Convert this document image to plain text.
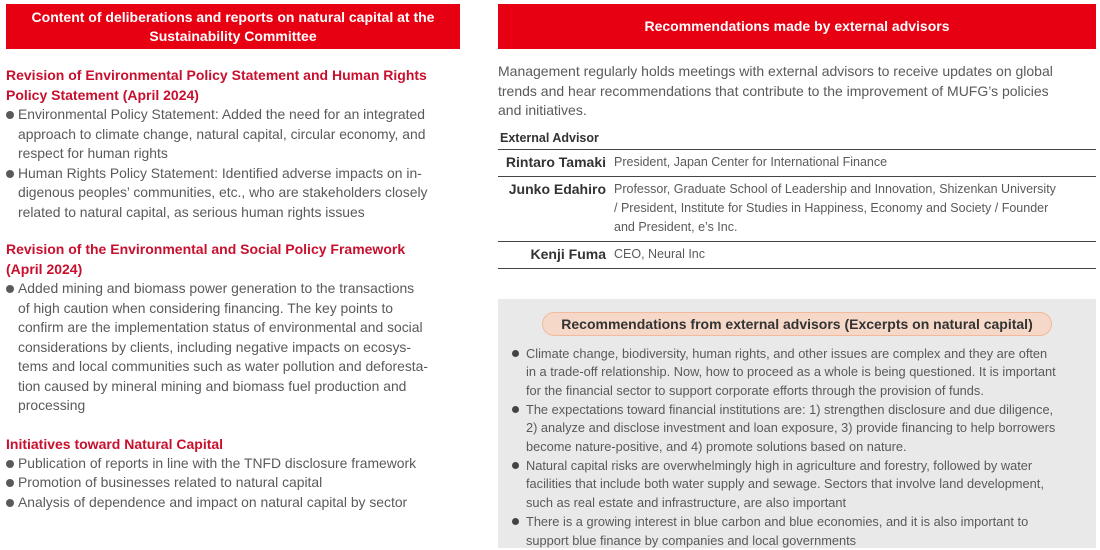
Content of deliberations and reports on natural capital at the
Sustainability Committee
Revision of Environmental Policy Statement and Human Rights
Policy Statement (April 2024)
Environmental Policy Statement: Added the need for an integrated
approach to climate change, natural capital, circular economy, and
respect for human rights
Human Rights Policy Statement: Identified adverse impacts on in-
digenous peoples’ communities, etc., who are stakeholders closely
related to natural capital, as serious human rights issues
Revision of the Environmental and Social Policy Framework
(April 2024)
Added mining and biomass power generation to the transactions
of high caution when considering financing. The key points to
confirm are the implementation status of environmental and social
considerations by clients, including negative impacts on ecosys-
tems and local communities such as water pollution and deforesta-
tion caused by mineral mining and biomass fuel production and
processing
Initiatives toward Natural Capital
Publication of reports in line with the TNFD disclosure framework
Promotion of businesses related to natural capital
Analysis of dependence and impact on natural capital by sector
Recommendations made by external advisors
Management regularly holds meetings with external advisors to receive updates on global
trends and hear recommendations that contribute to the improvement of MUFG’s policies
and initiatives.
External Advisor
Rintaro Tamaki	President, Japan Center for International Finance

Junko Edahiro	Professor, Graduate School of Leadership and Innovation, Shizenkan University
/ President, Institute for Studies in Happiness, Economy and Society / Founder
and President, e’s Inc.

Kenji Fuma	CEO, Neural Inc
Recommendations from external advisors (Excerpts on natural capital)
Climate change, biodiversity, human rights, and other issues are complex and they are often
in a trade-off relationship. Now, how to proceed as a whole is being questioned. It is important
for the financial sector to support corporate efforts through the provision of funds.
The expectations toward financial institutions are: 1) strengthen disclosure and due diligence,
2) analyze and disclose investment and loan exposure, 3) provide financing to help borrowers
become nature-positive, and 4) promote solutions based on nature.
Natural capital risks are overwhelmingly high in agriculture and forestry, followed by water
facilities that include both water supply and sewage. Sectors that involve land development,
such as real estate and infrastructure, are also important
There is a growing interest in blue carbon and blue economies, and it is also important to
support blue finance by companies and local governments
